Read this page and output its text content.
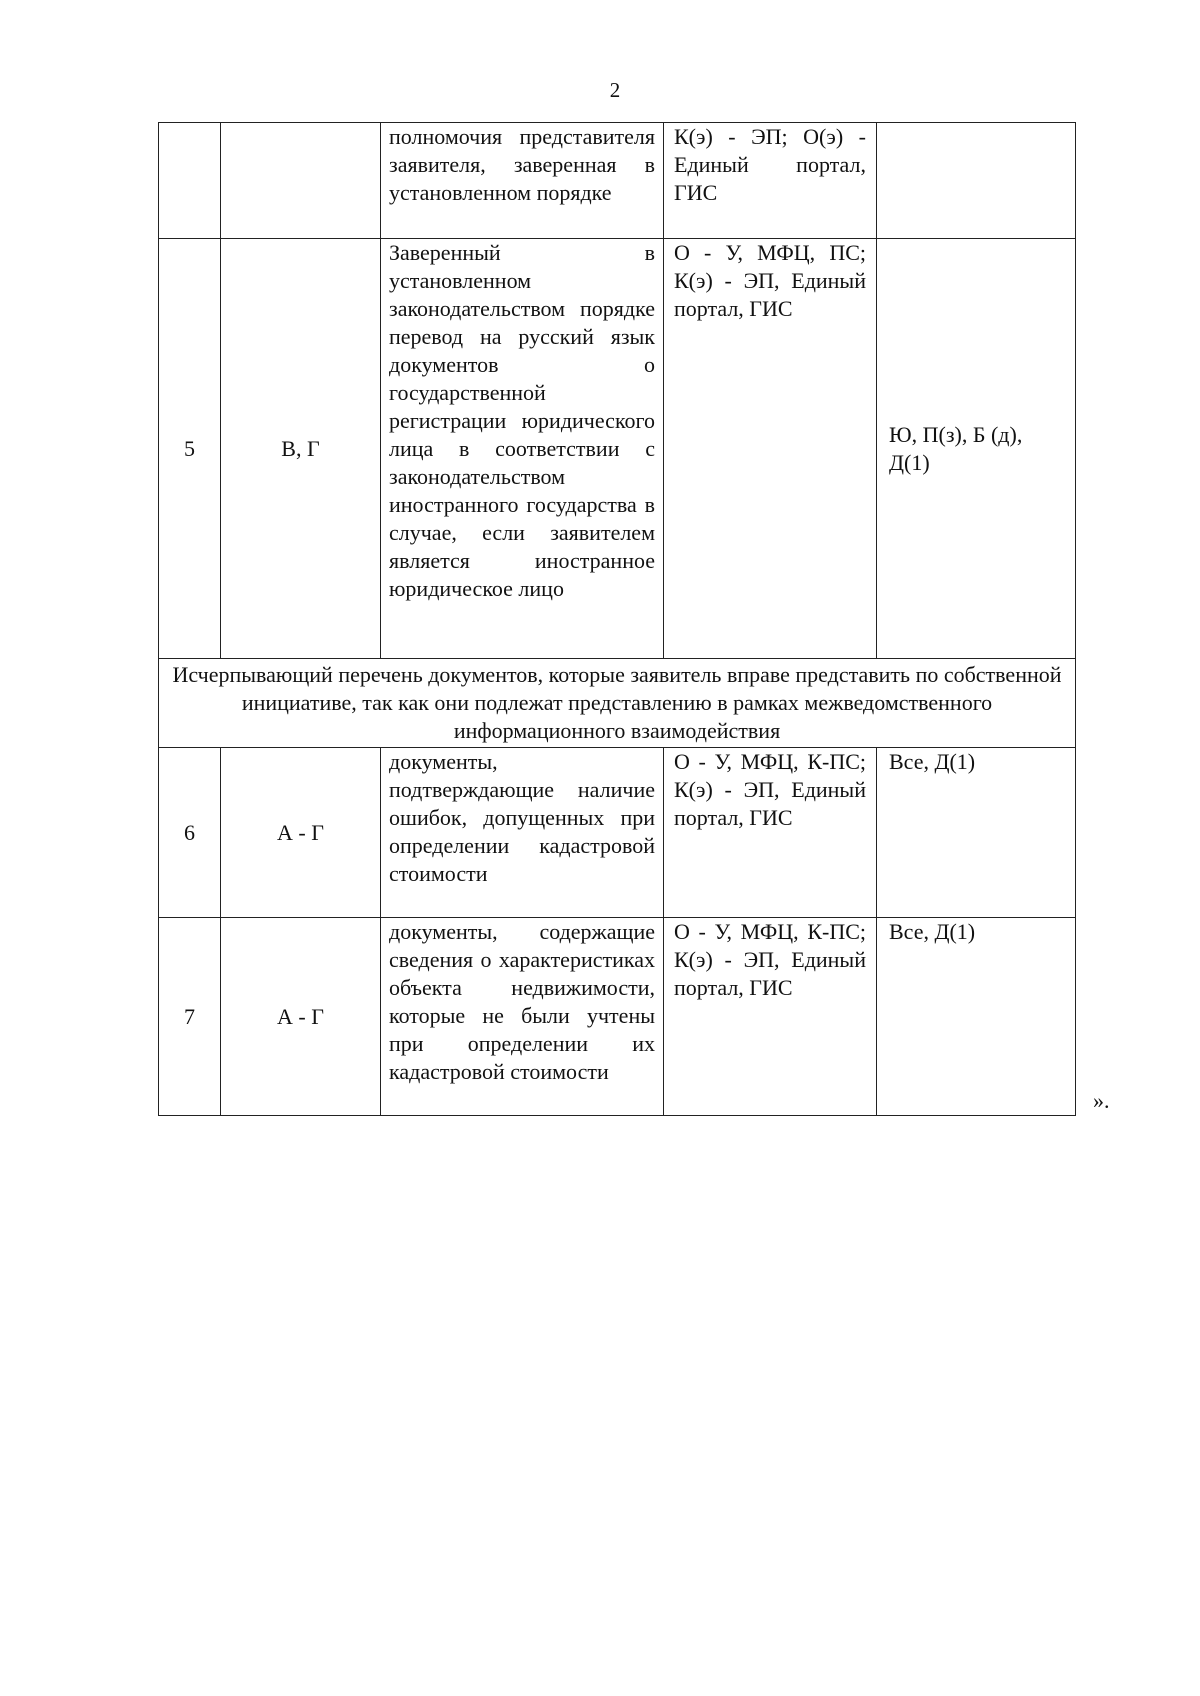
2
		полномочия представителя заявителя, заверенная в установленном порядке	К(э) - ЭП; О(э) - Единый портал, ГИС	
5	В, Г	Заверенный в установленном законодательством порядке перевод на русский язык документов о государственной регистрации юридического лица в соответствии с законодательством иностранного государства в случае, если заявителем является иностранное юридическое лицо	О - У, МФЦ, ПС; К(э) - ЭП, Единый портал, ГИС	Ю, П(з), Б (д), Д(1)
Исчерпывающий перечень документов, которые заявитель вправе представить по собственной инициативе, так как они подлежат представлению в рамках межведомственного информационного взаимодействия				
6	А - Г	документы, подтверждающие наличие ошибок, допущенных при определении кадастровой стоимости	О - У, МФЦ, К-ПС; К(э) - ЭП, Единый портал, ГИС	Все, Д(1)
7	А - Г	документы, содержащие сведения о характеристиках объекта недвижимости, которые не были учтены при определении их кадастровой стоимости	О - У, МФЦ, К-ПС; К(э) - ЭП, Единый портал, ГИС	Все, Д(1)
».
